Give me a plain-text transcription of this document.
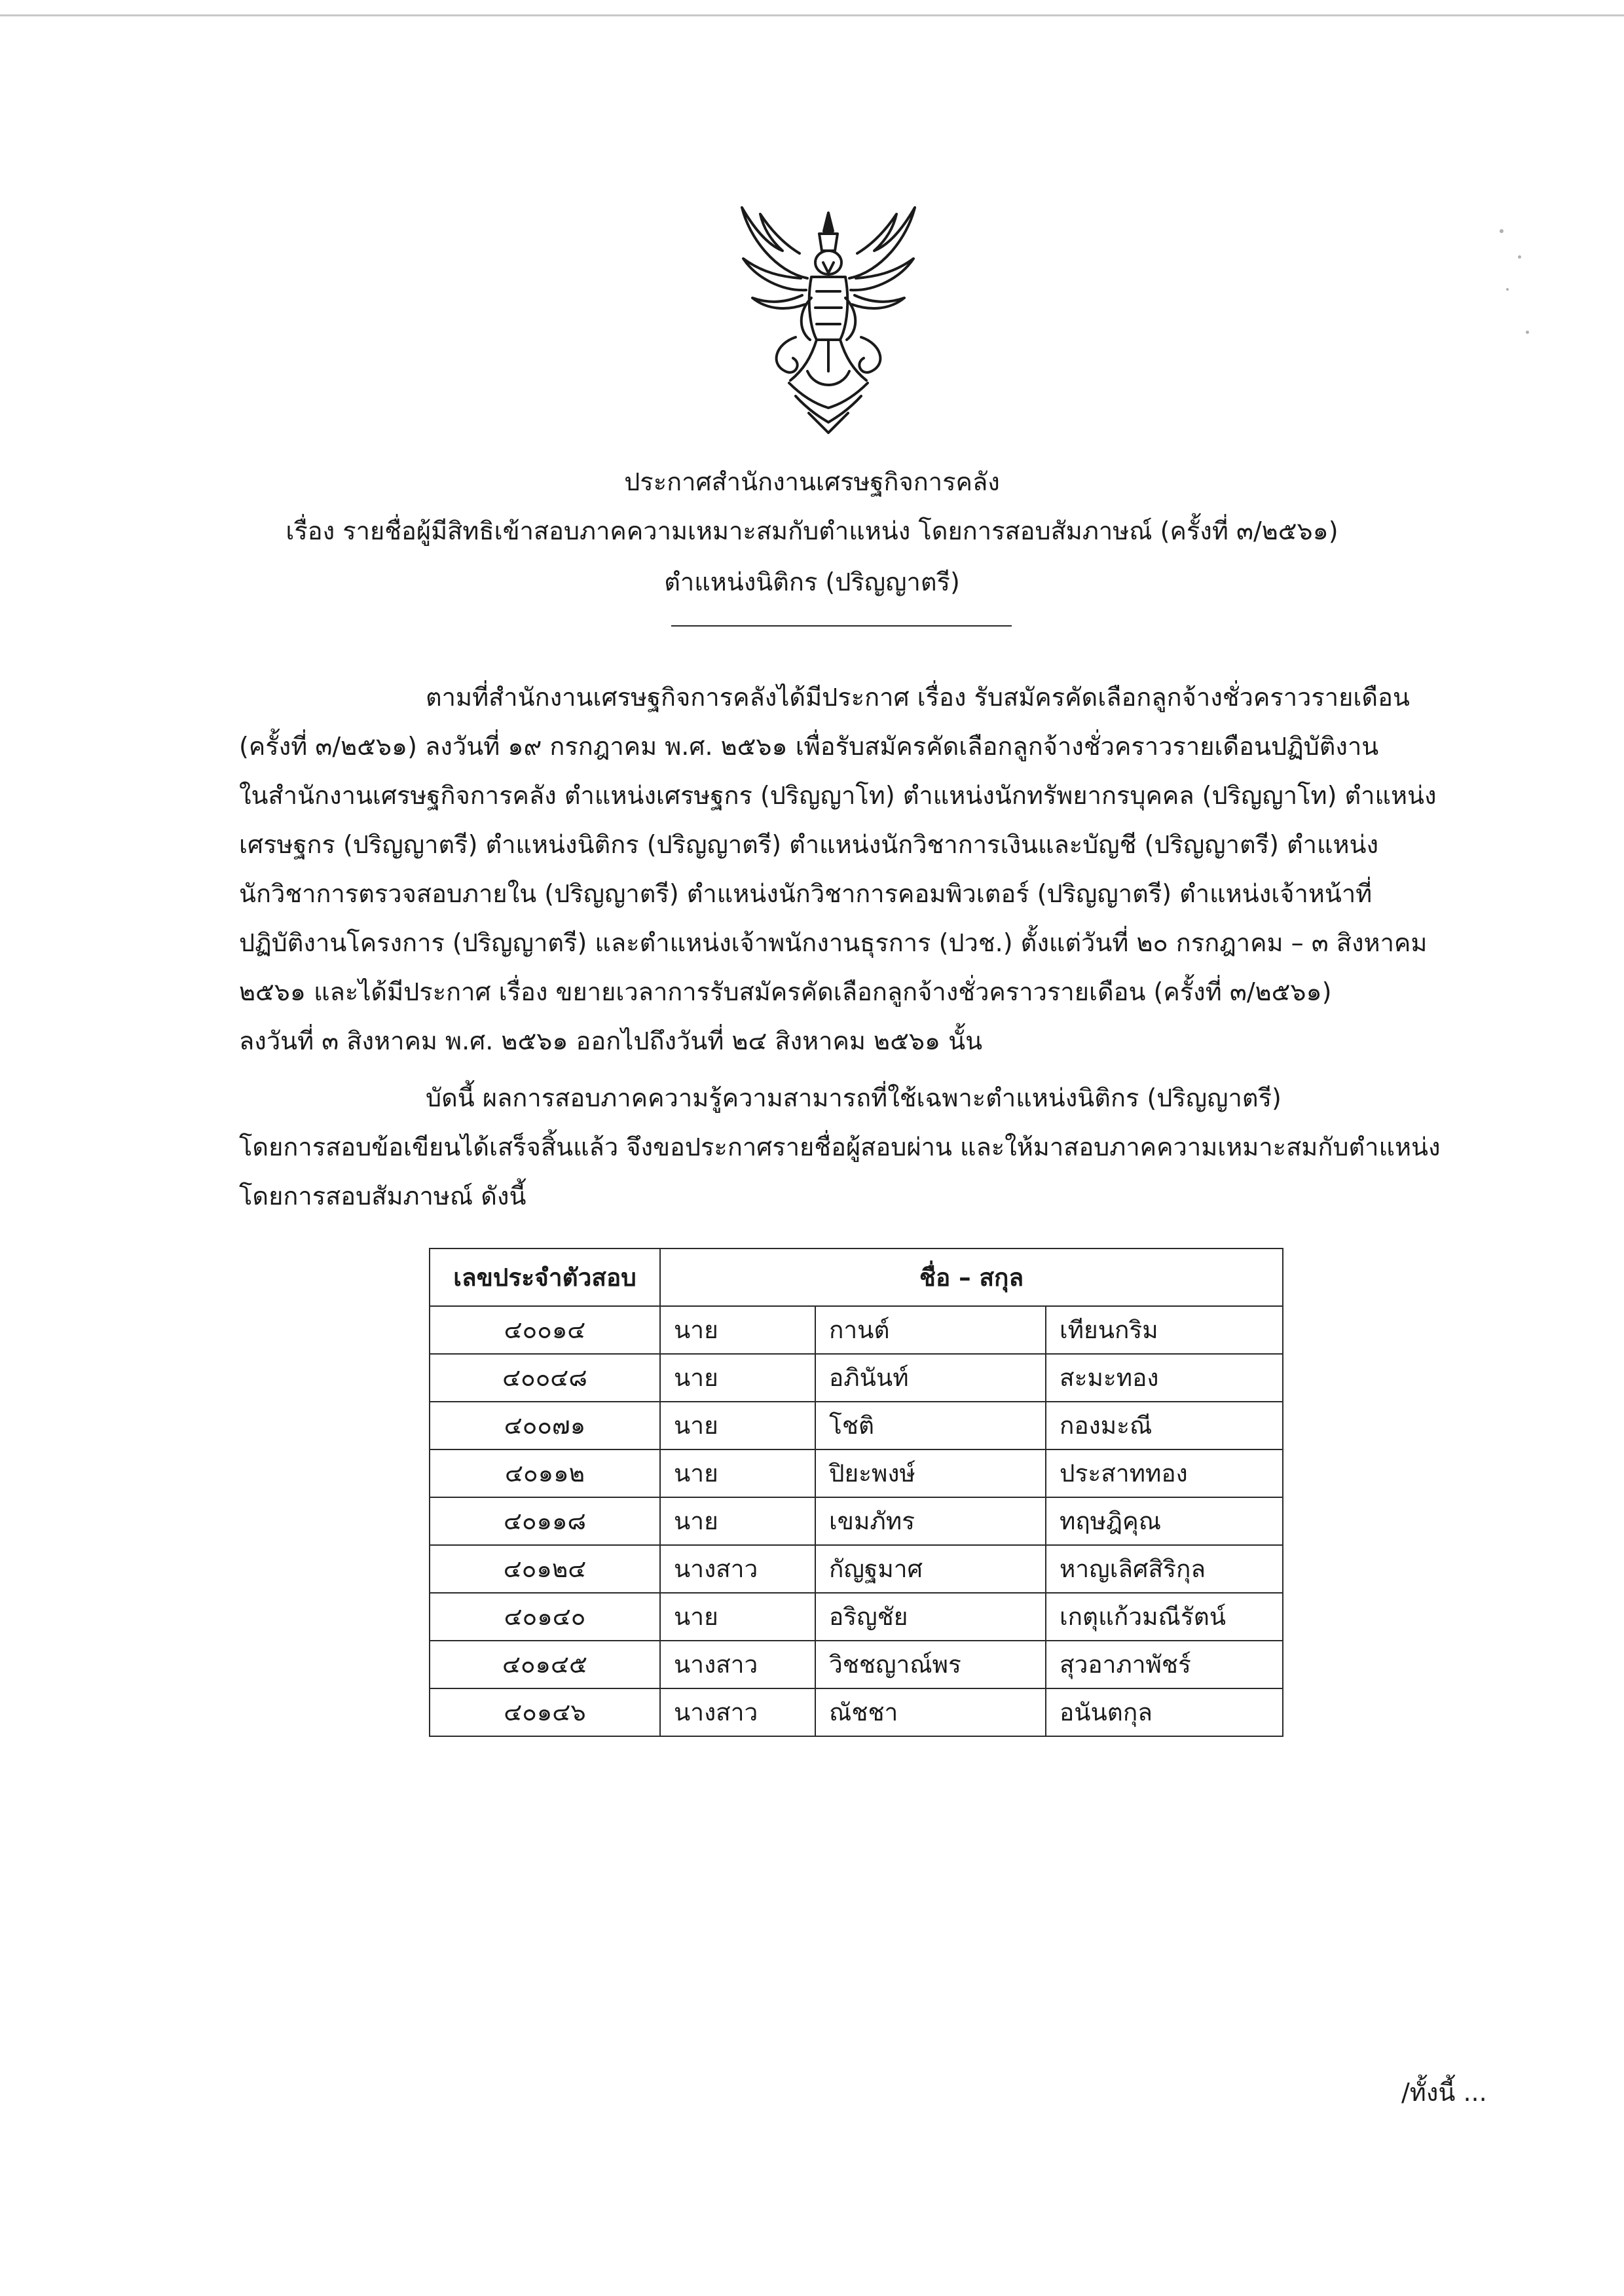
ประกาศสำนักงานเศรษฐกิจการคลัง
เรื่อง รายชื่อผู้มีสิทธิเข้าสอบภาคความเหมาะสมกับตำแหน่ง โดยการสอบสัมภาษณ์ (ครั้งที่ ๓/๒๕๖๑)
ตำแหน่งนิติกร (ปริญญาตรี)
ตามที่สำนักงานเศรษฐกิจการคลังได้มีประกาศ เรื่อง รับสมัครคัดเลือกลูกจ้างชั่วคราวรายเดือน
(ครั้งที่ ๓/๒๕๖๑) ลงวันที่ ๑๙ กรกฎาคม พ.ศ. ๒๕๖๑ เพื่อรับสมัครคัดเลือกลูกจ้างชั่วคราวรายเดือนปฏิบัติงาน
ในสำนักงานเศรษฐกิจการคลัง ตำแหน่งเศรษฐกร (ปริญญาโท) ตำแหน่งนักทรัพยากรบุคคล (ปริญญาโท) ตำแหน่ง
เศรษฐกร (ปริญญาตรี) ตำแหน่งนิติกร (ปริญญาตรี) ตำแหน่งนักวิชาการเงินและบัญชี (ปริญญาตรี) ตำแหน่ง
นักวิชาการตรวจสอบภายใน (ปริญญาตรี) ตำแหน่งนักวิชาการคอมพิวเตอร์ (ปริญญาตรี) ตำแหน่งเจ้าหน้าที่
ปฏิบัติงานโครงการ (ปริญญาตรี) และตำแหน่งเจ้าพนักงานธุรการ (ปวช.) ตั้งแต่วันที่ ๒๐ กรกฎาคม – ๓ สิงหาคม
๒๕๖๑ และได้มีประกาศ เรื่อง ขยายเวลาการรับสมัครคัดเลือกลูกจ้างชั่วคราวรายเดือน (ครั้งที่ ๓/๒๕๖๑)
ลงวันที่ ๓ สิงหาคม พ.ศ. ๒๕๖๑ ออกไปถึงวันที่ ๒๔ สิงหาคม ๒๕๖๑ นั้น
บัดนี้ ผลการสอบภาคความรู้ความสามารถที่ใช้เฉพาะตำแหน่งนิติกร (ปริญญาตรี)
โดยการสอบข้อเขียนได้เสร็จสิ้นแล้ว จึงขอประกาศรายชื่อผู้สอบผ่าน และให้มาสอบภาคความเหมาะสมกับตำแหน่ง
โดยการสอบสัมภาษณ์ ดังนี้
เลขประจำตัวสอบ	ชื่อ – สกุล		
๔๐๐๑๔	นาย	กานต์	เทียนกริม
๔๐๐๔๘	นาย	อภินันท์	สะมะทอง
๔๐๐๗๑	นาย	โชติ	กองมะณี
๔๐๑๑๒	นาย	ปิยะพงษ์	ประสาททอง
๔๐๑๑๘	นาย	เขมภัทร	ทฤษฎิคุณ
๔๐๑๒๔	นางสาว	กัญฐมาศ	หาญเลิศสิริกุล
๔๐๑๔๐	นาย	อริญชัย	เกตุแก้วมณีรัตน์
๔๐๑๔๕	นางสาว	วิชชญาณ์พร	สุวอาภาพัชร์
๔๐๑๔๖	นางสาว	ณัชชา	อนันตกุล
/ทั้งนี้ ...
